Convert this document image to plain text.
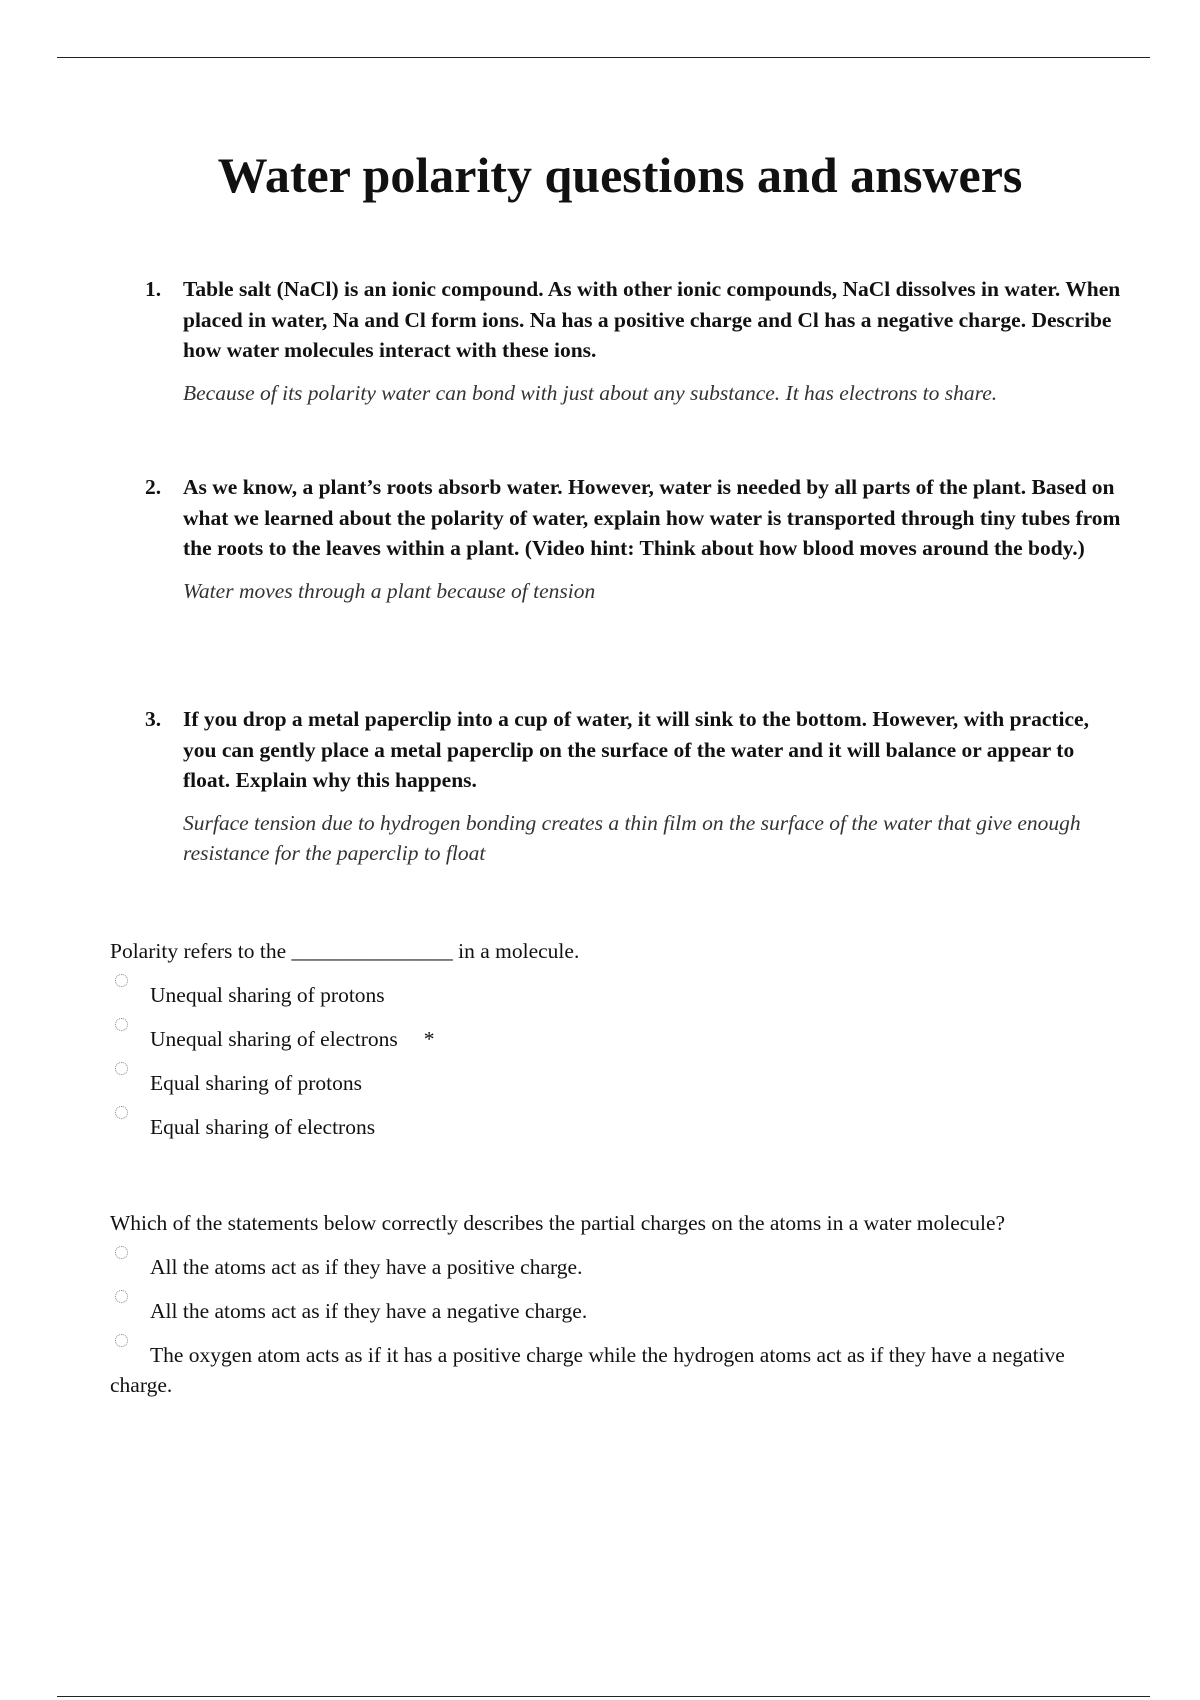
Water polarity questions and answers
1. Table salt (NaCl) is an ionic compound. As with other ionic compounds, NaCl dissolves in water. When placed in water, Na and Cl form ions. Na has a positive charge and Cl has a negative charge. Describe how water molecules interact with these ions.
Because of its polarity water can bond with just about any substance. It has electrons to share.
2. As we know, a plant’s roots absorb water. However, water is needed by all parts of the plant. Based on what we learned about the polarity of water, explain how water is transported through tiny tubes from the roots to the leaves within a plant. (Video hint: Think about how blood moves around the body.)
Water moves through a plant because of tension
3. If you drop a metal paperclip into a cup of water, it will sink to the bottom. However, with practice, you can gently place a metal paperclip on the surface of the water and it will balance or appear to float. Explain why this happens.
Surface tension due to hydrogen bonding creates a thin film on the surface of the water that give enough resistance for the paperclip to float
Polarity refers to the _______________ in a molecule.
Unequal sharing of protons
Unequal sharing of electrons *
Equal sharing of protons
Equal sharing of electrons
Which of the statements below correctly describes the partial charges on the atoms in a water molecule?
All the atoms act as if they have a positive charge.
All the atoms act as if they have a negative charge.
The oxygen atom acts as if it has a positive charge while the hydrogen atoms act as if they have a negative charge.
